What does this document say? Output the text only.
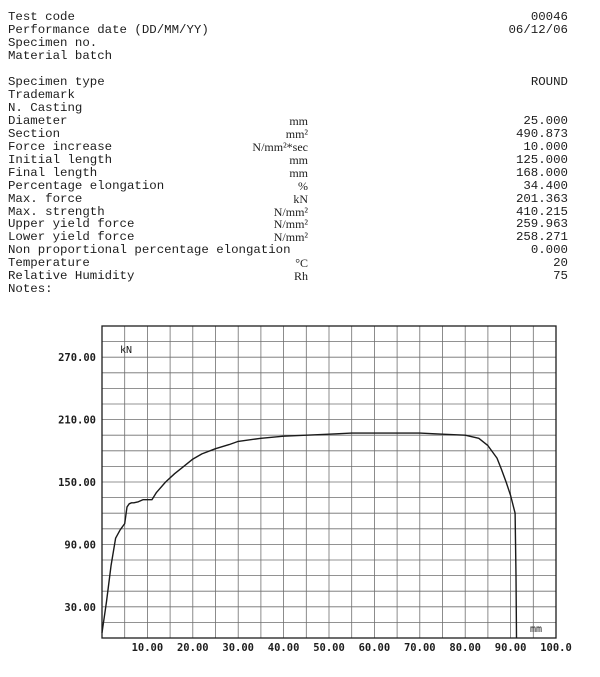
Test code	00046
Performance date (DD/MM/YY)	06/12/06
Specimen no.
Material batch
Specimen type	ROUND
Trademark
N. Casting
Diameter	mm	25.000
Section	mm²	490.873
Force increase	N/mm²*sec	10.000
Initial length	mm	125.000
Final length	mm	168.000
Percentage elongation	%	34.400
Max. force	kN	201.363
Max. strength	N/mm²	410.215
Upper yield force	N/mm²	259.963
Lower yield force	N/mm²	258.271
Non proportional percentage elongation	0.000
Temperature	°C	20
Relative Humidity	Rh	75
Notes:
30.00
90.00
150.00
210.00
270.00
10.00 20.00 30.00 40.00 50.00 60.00 70.00 80.00 90.00 100.0
kN
mm
